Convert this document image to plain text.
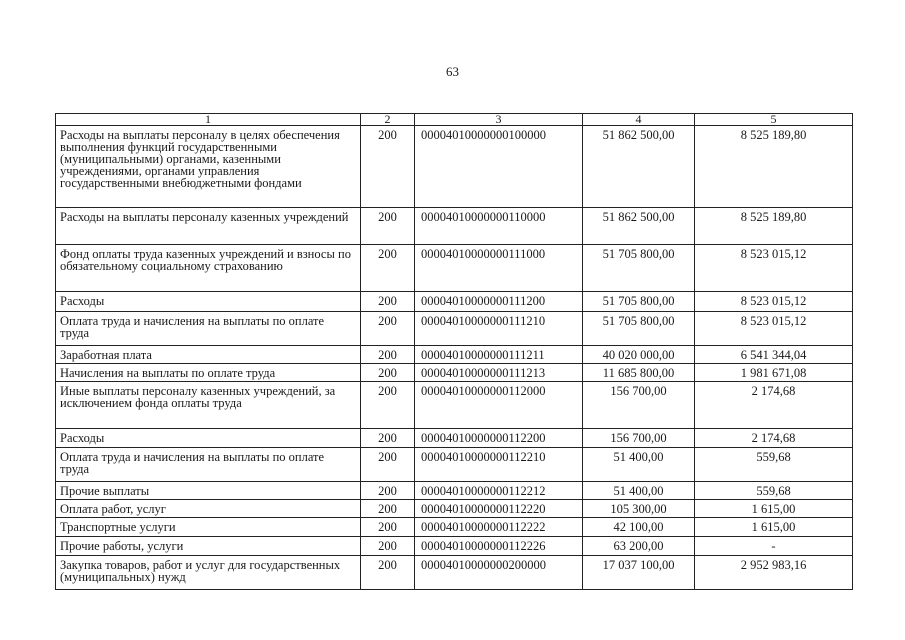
63
1	2	3	4	5
Расходы на выплаты персоналу в целях обеспечения выполнения функций государственными (муниципальными) органами, казенными учреждениями, органами управления государственными внебюджетными фондами	200	00004010000000100000	51 862 500,00	8 525 189,80
Расходы на выплаты персоналу казенных учреждений	200	00004010000000110000	51 862 500,00	8 525 189,80
Фонд оплаты труда казенных учреждений и взносы по обязательному социальному страхованию	200	00004010000000111000	51 705 800,00	8 523 015,12
Расходы	200	00004010000000111200	51 705 800,00	8 523 015,12
Оплата труда и начисления на выплаты по оплате труда	200	00004010000000111210	51 705 800,00	8 523 015,12
Заработная плата	200	00004010000000111211	40 020 000,00	6 541 344,04
Начисления на выплаты по оплате труда	200	00004010000000111213	11 685 800,00	1 981 671,08
Иные выплаты персоналу казенных учреждений, за исключением фонда оплаты труда	200	00004010000000112000	156 700,00	2 174,68
Расходы	200	00004010000000112200	156 700,00	2 174,68
Оплата труда и начисления на выплаты по оплате труда	200	00004010000000112210	51 400,00	559,68
Прочие выплаты	200	00004010000000112212	51 400,00	559,68
Оплата работ, услуг	200	00004010000000112220	105 300,00	1 615,00
Транспортные услуги	200	00004010000000112222	42 100,00	1 615,00
Прочие работы, услуги	200	00004010000000112226	63 200,00	-
Закупка товаров, работ и услуг для государственных (муниципальных) нужд	200	00004010000000200000	17 037 100,00	2 952 983,16
